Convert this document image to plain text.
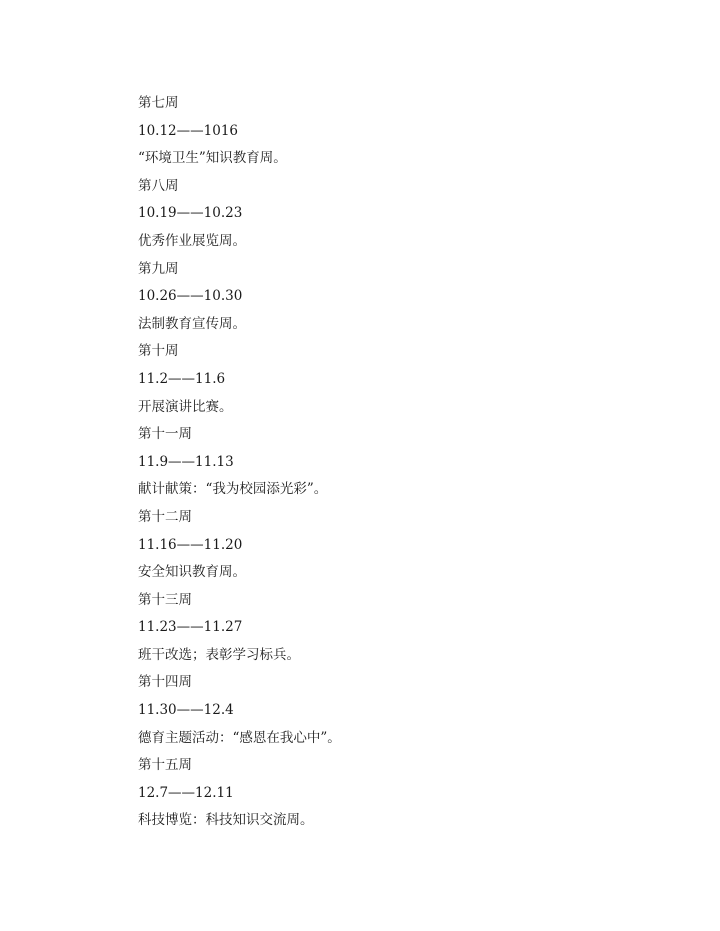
第七周
10.12——1016
“环境卫生”知识教育周。
第八周
10.19——10.23
优秀作业展览周。
第九周
10.26——10.30
法制教育宣传周。
第十周
11.2——11.6
开展演讲比赛。
第十一周
11.9——11.13
献计献策：“我为校园添光彩”。
第十二周
11.16——11.20
安全知识教育周。
第十三周
11.23——11.27
班干改选；表彰学习标兵。
第十四周
11.30——12.4
德育主题活动：“感恩在我心中”。
第十五周
12.7——12.11
科技博览：科技知识交流周。
